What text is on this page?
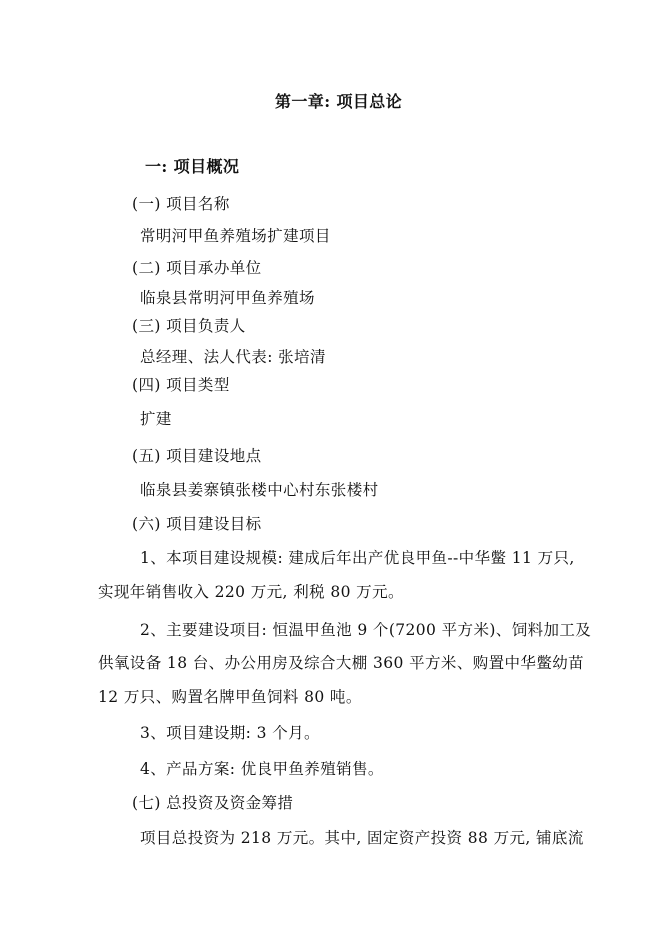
第一章: 项目总论
一: 项目概况
(一) 项目名称
常明河甲鱼养殖场扩建项目
(二) 项目承办单位
临泉县常明河甲鱼养殖场
(三) 项目负责人
总经理、法人代表: 张培清
(四) 项目类型
扩建
(五) 项目建设地点
临泉县姜寨镇张楼中心村东张楼村
(六) 项目建设目标
1、本项目建设规模: 建成后年出产优良甲鱼--中华鳖 11 万只,
实现年销售收入 220 万元, 利税 80 万元。
2、主要建设项目: 恒温甲鱼池 9 个(7200 平方米)、饲料加工及
供氧设备 18 台、办公用房及综合大棚 360 平方米、购置中华鳖幼苗
12 万只、购置名牌甲鱼饲料 80 吨。
3、项目建设期: 3 个月。
4、产品方案: 优良甲鱼养殖销售。
(七) 总投资及资金筹措
项目总投资为 218 万元。其中, 固定资产投资 88 万元, 铺底流
